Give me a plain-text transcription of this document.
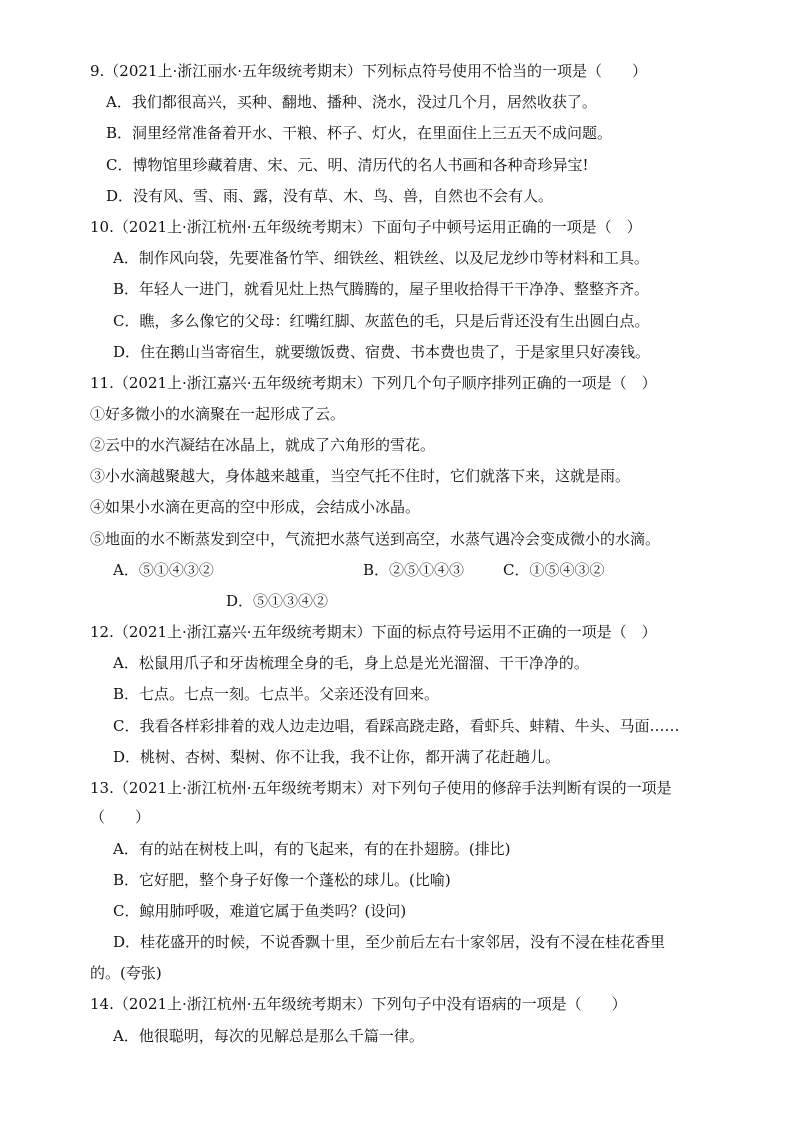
9.（2021上·浙江丽水·五年级统考期末）下列标点符号使用不恰当的一项是（　　）
A．我们都很高兴，买种、翻地、播种、浇水，没过几个月，居然收获了。
B．洞里经常准备着开水、干粮、杯子、灯火，在里面住上三五天不成问题。
C．博物馆里珍藏着唐、宋、元、明、清历代的名人书画和各种奇珍异宝!
D．没有风、雪、雨、露，没有草、木、鸟、兽，自然也不会有人。
10.（2021上·浙江杭州·五年级统考期末）下面句子中顿号运用正确的一项是（　）
A．制作风向袋，先要准备竹竿、细铁丝、粗铁丝、以及尼龙纱巾等材料和工具。
B．年轻人一进门，就看见灶上热气腾腾的，屋子里收拾得干干净净、整整齐齐。
C．瞧，多么像它的父母：红嘴红脚、灰蓝色的毛，只是后背还没有生出圆白点。
D．住在鹅山当寄宿生，就要缴饭费、宿费、书本费也贵了，于是家里只好凑钱。
11.（2021上·浙江嘉兴·五年级统考期末）下列几个句子顺序排列正确的一项是（　）
①好多微小的水滴聚在一起形成了云。
②云中的水汽凝结在冰晶上，就成了六角形的雪花。
③小水滴越聚越大，身体越来越重，当空气托不住时，它们就落下来，这就是雨。
④如果小水滴在更高的空中形成，会结成小冰晶。
⑤地面的水不断蒸发到空中，气流把水蒸气送到高空，水蒸气遇冷会变成微小的水滴。
A．⑤①④③②	B．②⑤①④③	C．①⑤④③②
D．⑤①③④②
12.（2021上·浙江嘉兴·五年级统考期末）下面的标点符号运用不正确的一项是（　）
A．松鼠用爪子和牙齿梳理全身的毛，身上总是光光溜溜、干干净净的。
B．七点。七点一刻。七点半。父亲还没有回来。
C．我看各样彩排着的戏人边走边唱，看踩高跷走路，看虾兵、蚌精、牛头、马面……
D．桃树、杏树、梨树、你不让我，我不让你，都开满了花赶趟儿。
13.（2021上·浙江杭州·五年级统考期末）对下列句子使用的修辞手法判断有误的一项是
（　　）
A．有的站在树枝上叫，有的飞起来，有的在扑翅膀。(排比)
B．它好肥，整个身子好像一个蓬松的球儿。(比喻)
C．鲸用肺呼吸，难道它属于鱼类吗？(设问)
D．桂花盛开的时候，不说香飘十里，至少前后左右十家邻居，没有不浸在桂花香里
的。(夸张)
14.（2021上·浙江杭州·五年级统考期末）下列句子中没有语病的一项是（　　）
A．他很聪明，每次的见解总是那么千篇一律。
